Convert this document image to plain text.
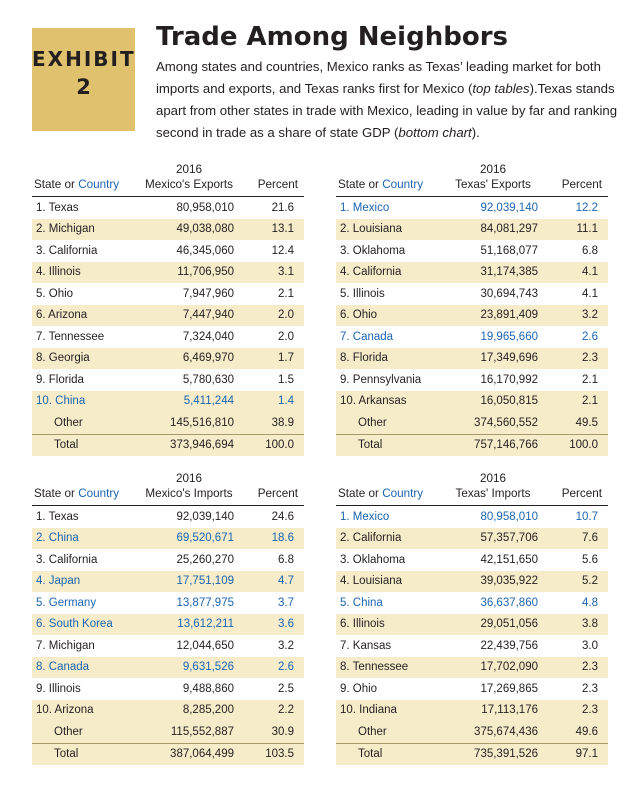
EXHIBIT
2
Trade Among Neighbors

Among states and countries, Mexico ranks as Texas’ leading market for both imports and exports, and Texas ranks first for Mexico (top tables).Texas stands apart from other states in trade with Mexico, leading in value by far and ranking second in trade as a share of state GDP (bottom chart).

State or Country	2016
Mexico's Exports	Percent
1. Texas	80,958,010	21.6
2. Michigan	49,038,080	13.1
3. California	46,345,060	12.4
4. Illinois	11,706,950	3.1
5. Ohio	7,947,960	2.1
6. Arizona	7,447,940	2.0
7. Tennessee	7,324,040	2.0
8. Georgia	6,469,970	1.7
9. Florida	5,780,630	1.5
10. China	5,411,244	1.4
Other	145,516,810	38.9
Total	373,946,694	100.0
State or Country	2016
Texas' Exports	Percent
1. Mexico	92,039,140	12.2
2. Louisiana	84,081,297	11.1
3. Oklahoma	51,168,077	6.8
4. California	31,174,385	4.1
5. Illinois	30,694,743	4.1
6. Ohio	23,891,409	3.2
7. Canada	19,965,660	2.6
8. Florida	17,349,696	2.3
9. Pennsylvania	16,170,992	2.1
10. Arkansas	16,050,815	2.1
Other	374,560,552	49.5
Total	757,146,766	100.0
State or Country	2016
Mexico's Imports	Percent
1. Texas	92,039,140	24.6
2. China	69,520,671	18.6
3. California	25,260,270	6.8
4. Japan	17,751,109	4.7
5. Germany	13,877,975	3.7
6. South Korea	13,612,211	3.6
7. Michigan	12,044,650	3.2
8. Canada	9,631,526	2.6
9. Illinois	9,488,860	2.5
10. Arizona	8,285,200	2.2
Other	115,552,887	30.9
Total	387,064,499	103.5
State or Country	2016
Texas' Imports	Percent
1. Mexico	80,958,010	10.7
2. California	57,357,706	7.6
3. Oklahoma	42,151,650	5.6
4. Louisiana	39,035,922	5.2
5. China	36,637,860	4.8
6. Illinois	29,051,056	3.8
7. Kansas	22,439,756	3.0
8. Tennessee	17,702,090	2.3
9. Ohio	17,269,865	2.3
10. Indiana	17,113,176	2.3
Other	375,674,436	49.6
Total	735,391,526	97.1
